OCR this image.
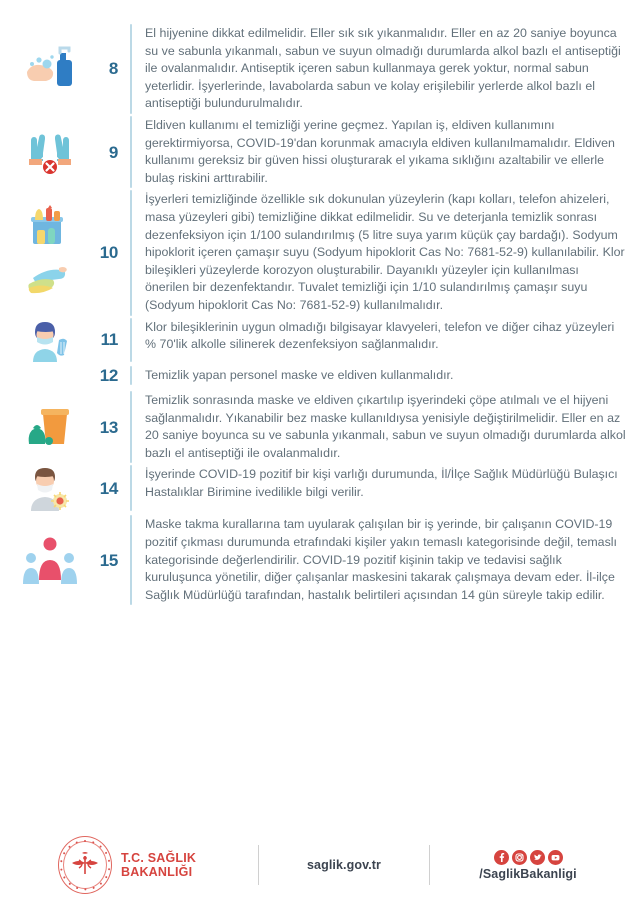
8

El hijyenine dikkat edilmelidir. Eller sık sık yıkanmalıdır. Eller en az 20 saniye boyunca su ve sabunla yıkanmalı, sabun ve suyun olmadığı durumlarda alkol bazlı el antiseptiği ile ovalanmalıdır. Antiseptik içeren sabun kullanmaya gerek yoktur, normal sabun yeterlidir. İşyerlerinde, lavabolarda sabun ve kolay erişilebilir yerlerde alkol bazlı el antiseptiği bulundurulmalıdır.

9

Eldiven kullanımı el temizliği yerine geçmez. Yapılan iş, eldiven kullanımını gerektirmiyorsa, COVID-19'dan korunmak amacıyla eldiven kullanılmamalıdır. Eldiven kullanımı gereksiz bir güven hissi oluşturarak el yıkama sıklığını azaltabilir ve ellerle bulaş riskini arttırabilir.

10

İşyerleri temizliğinde özellikle sık dokunulan yüzeylerin (kapı kolları, telefon ahizeleri, masa yüzeyleri gibi) temizliğine dikkat edilmelidir. Su ve deterjanla temizlik sonrası dezenfeksiyon için 1/100 sulandırılmış (5 litre suya yarım küçük çay bardağı). Sodyum hipoklorit içeren çamaşır suyu (Sodyum hipoklorit Cas No: 7681-52-9) kullanılabilir. Klor bileşikleri yüzeylerde korozyon oluşturabilir. Dayanıklı yüzeyler için kullanılması önerilen bir dezenfektandır. Tuvalet temizliği için 1/10 sulandırılmış çamaşır suyu (Sodyum hipoklorit Cas No: 7681-52-9) kullanılmalıdır.

11

Klor bileşiklerinin uygun olmadığı bilgisayar klavyeleri, telefon ve diğer cihaz yüzeyleri % 70'lik alkolle silinerek dezenfeksiyon sağlanmalıdır.

12 Temizlik yapan personel maske ve eldiven kullanmalıdır.

13

Temizlik sonrasında maske ve eldiven çıkartılıp işyerindeki çöpe atılmalı ve el hijyeni sağlanmalıdır. Yıkanabilir bez maske kullanıldıysa yenisiyle değiştirilmelidir. Eller en az 20 saniye boyunca su ve sabunla yıkanmalı, sabun ve suyun olmadığı durumlarda alkol bazlı el antiseptiği ile ovalanmalıdır.

14

İşyerinde COVID-19 pozitif bir kişi varlığı durumunda, İl/İlçe Sağlık Müdürlüğü Bulaşıcı Hastalıklar Birimine ivedilikle bilgi verilir.

15

Maske takma kurallarına tam uyularak çalışılan bir iş yerinde, bir çalışanın COVID-19 pozitif çıkması durumunda etrafındaki kişiler yakın temaslı kategorisinde değil, temaslı kategorisinde değerlendirilir. COVID-19 pozitif kişinin takip ve tedavisi sağlık kuruluşunca yönetilir, diğer çalışanlar maskesini takarak çalışmaya devam eder. İl-ilçe Sağlık Müdürlüğü tarafından, hastalık belirtileri açısından 14 gün süreyle takip edilir.

T.C. SAĞLIK
BAKANLIĞI	saglik.gov.tr
/SaglikBakanligi
